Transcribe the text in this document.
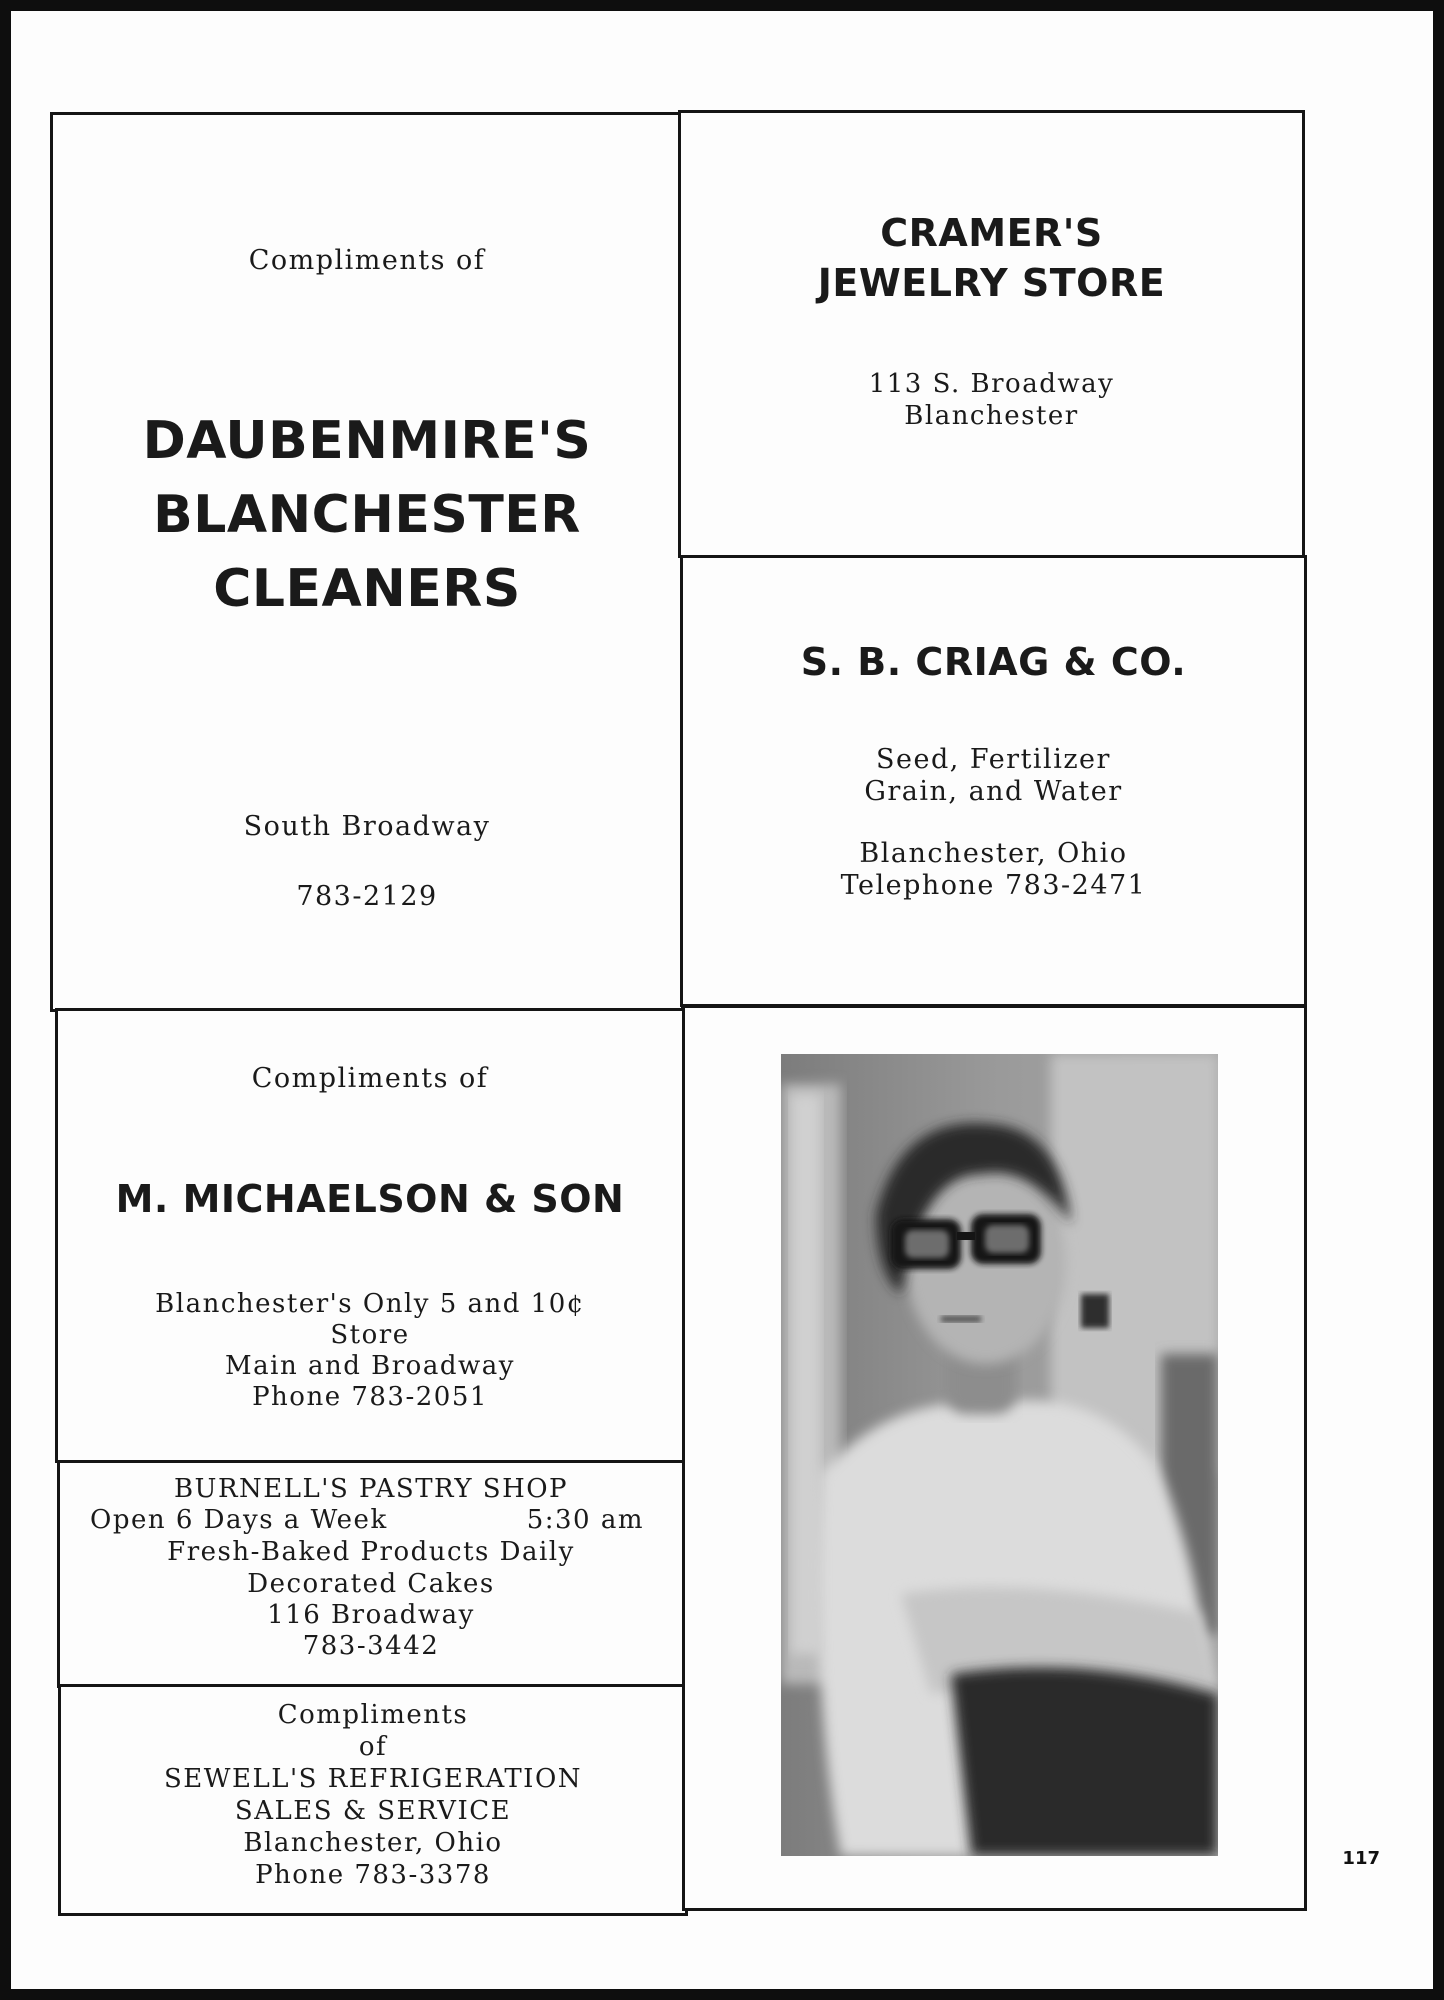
Compliments of
DAUBENMIRE'S
BLANCHESTER
CLEANERS
South Broadway
783-2129
CRAMER'S
JEWELRY STORE
113 S. Broadway
Blanchester
S. B. CRIAG & CO.
Seed, Fertilizer
Grain, and Water
Blanchester, Ohio
Telephone 783-2471
Compliments of
M. MICHAELSON & SON
Blanchester's Only 5 and 10¢
Store
Main and Broadway
Phone 783-2051
BURNELL'S PASTRY SHOP
Open 6 Days a Week	5:30 am
Fresh-Baked Products Daily
Decorated Cakes
116 Broadway
783-3442
Compliments
of
SEWELL'S REFRIGERATION
SALES & SERVICE
Blanchester, Ohio
Phone 783-3378
117
